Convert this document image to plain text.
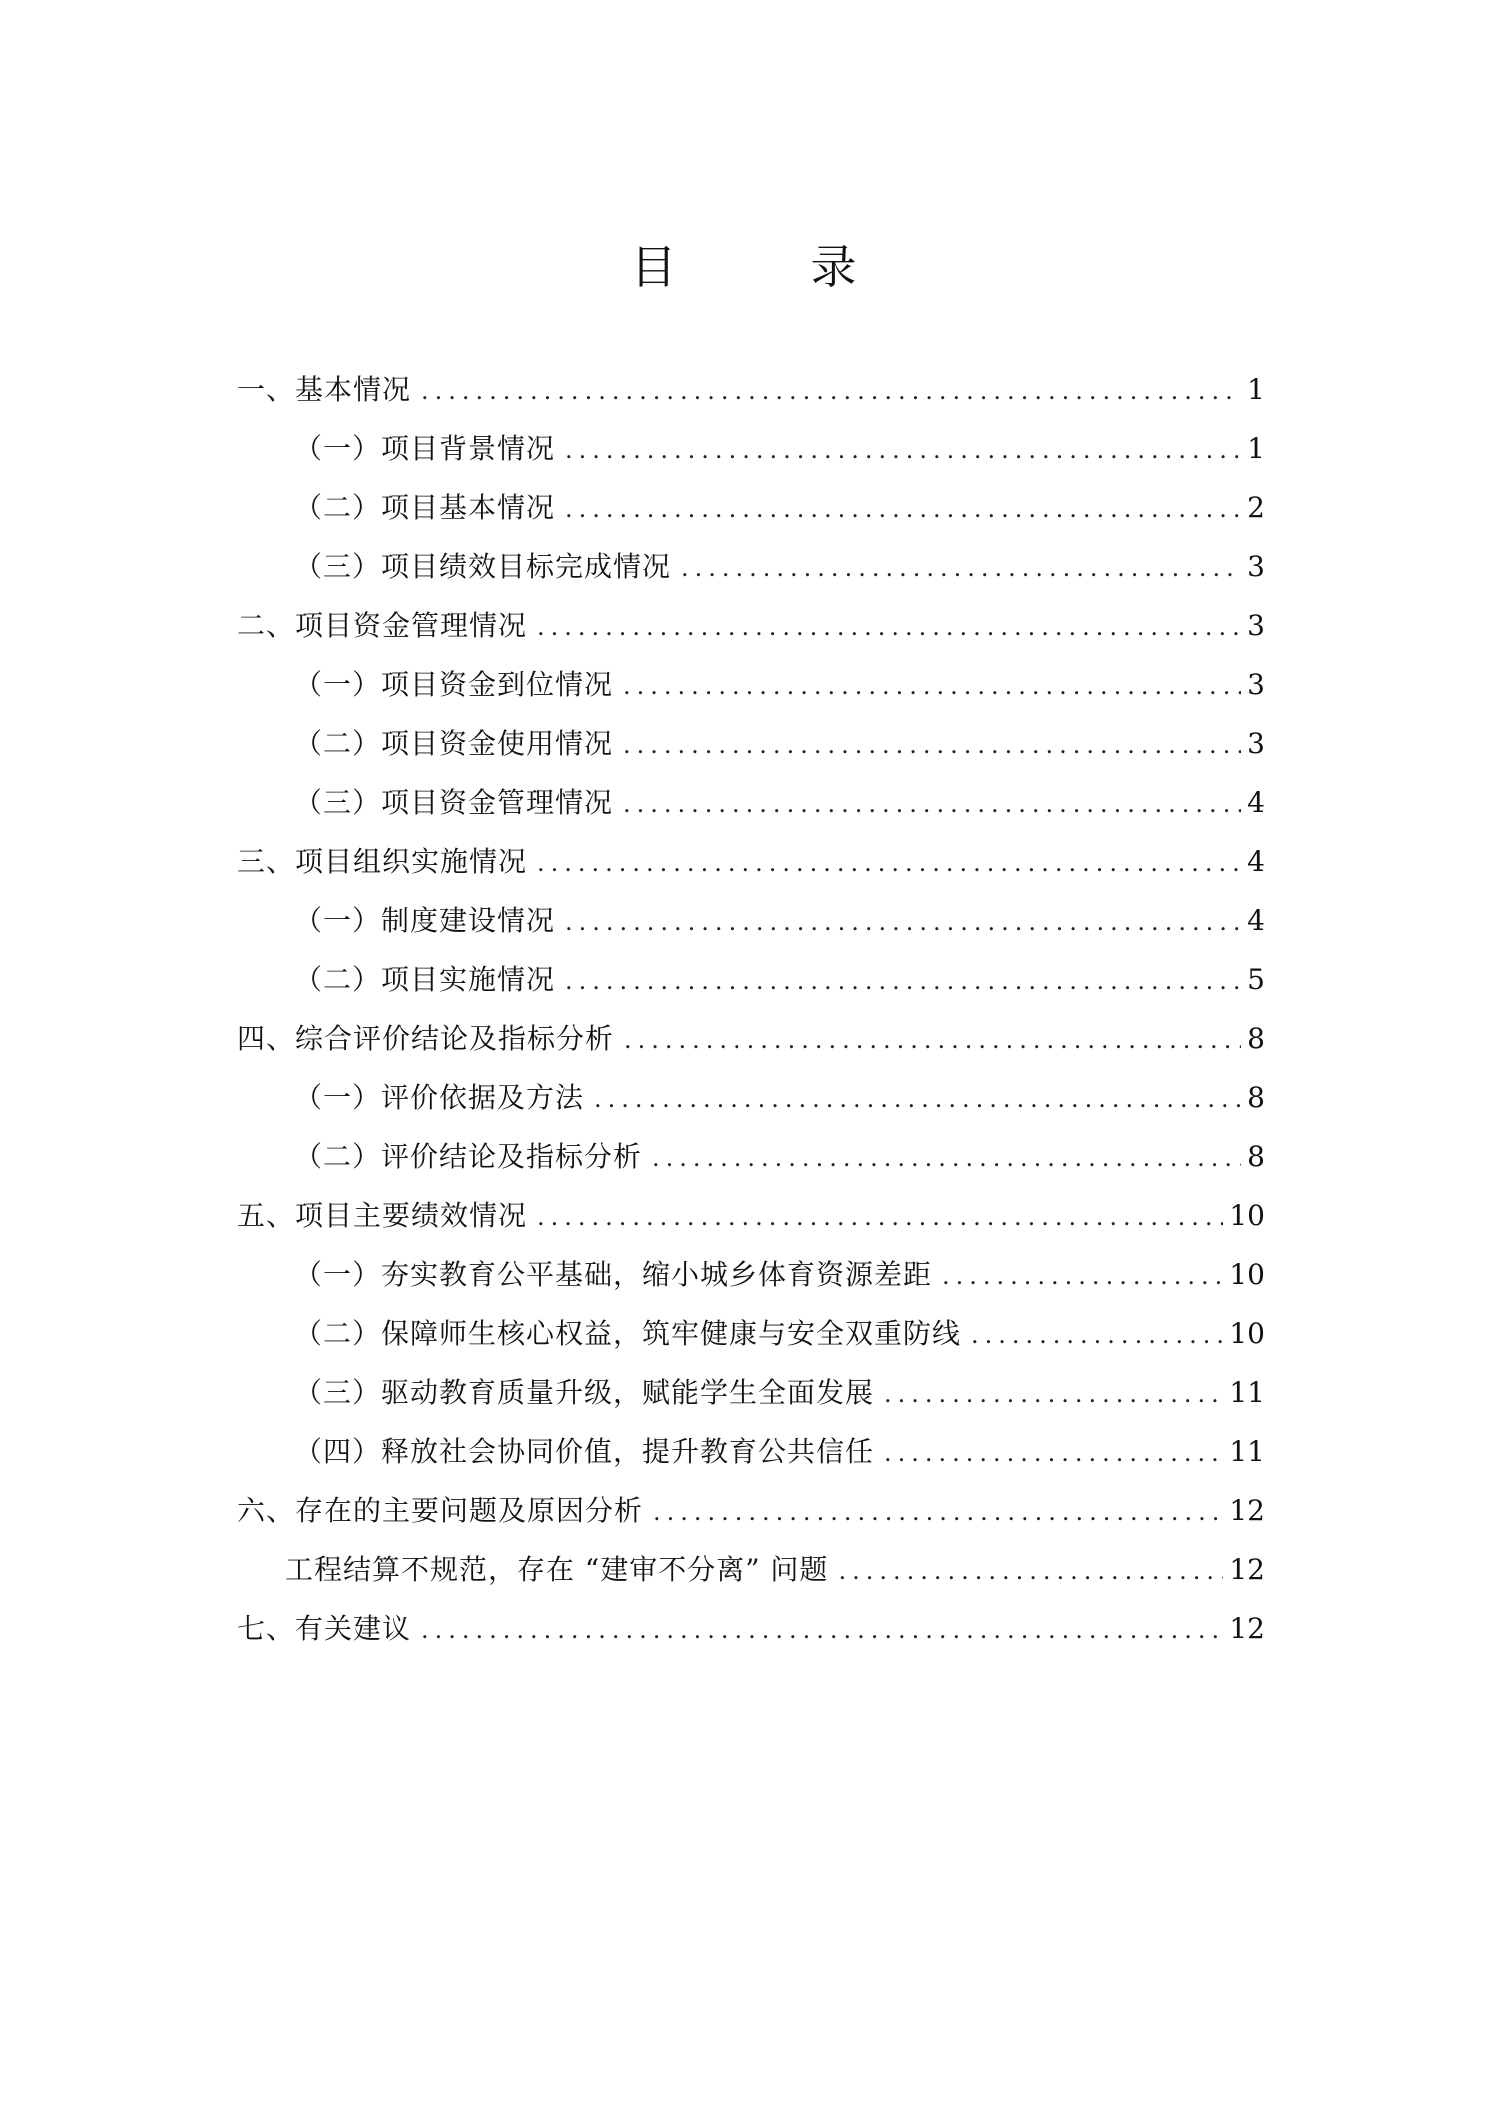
目　录
一、基本情况 .....	1
（一）项目背景情况 .....	1
（二）项目基本情况 .....	2
（三）项目绩效目标完成情况 .....	3
二、项目资金管理情况 .....	3
（一）项目资金到位情况 .....	3
（二）项目资金使用情况 .....	3
（三）项目资金管理情况 .....	4
三、项目组织实施情况 .....	4
（一）制度建设情况 .....	4
（二）项目实施情况 .....	5
四、综合评价结论及指标分析 .....	8
（一）评价依据及方法 .....	8
（二）评价结论及指标分析 .....	8
五、项目主要绩效情况 .....	10
（一）夯实教育公平基础，缩小城乡体育资源差距 .....	10
（二）保障师生核心权益，筑牢健康与安全双重防线 .....	10
（三）驱动教育质量升级，赋能学生全面发展 .....	11
（四）释放社会协同价值，提升教育公共信任 .....	11
六、存在的主要问题及原因分析 .....	12
工程结算不规范，存在 “建审不分离” 问题 .....	12
七、有关建议 .....	12
